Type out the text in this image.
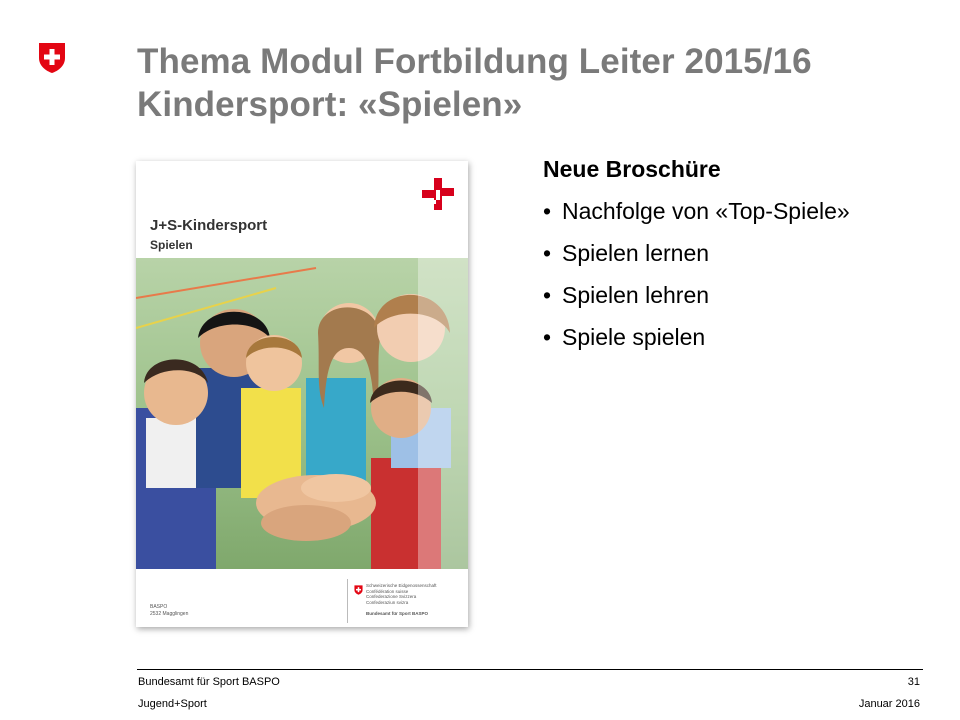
Thema Modul Fortbildung Leiter 2015/16
Kindersport: «Spielen»
J+S-Kindersport
Spielen
BASPO
2532 Magglingen
Schweizerische Eidgenossenschaft
Confédération suisse
Confederazione Svizzera
Confederaziun svizra
Bundesamt für Sport BASPO
Neue Broschüre
• Nachfolge von «Top-Spiele»
• Spielen lernen
• Spielen lehren
• Spiele spielen
Bundesamt für Sport BASPO
Jugend+Sport
31
Januar 2016
